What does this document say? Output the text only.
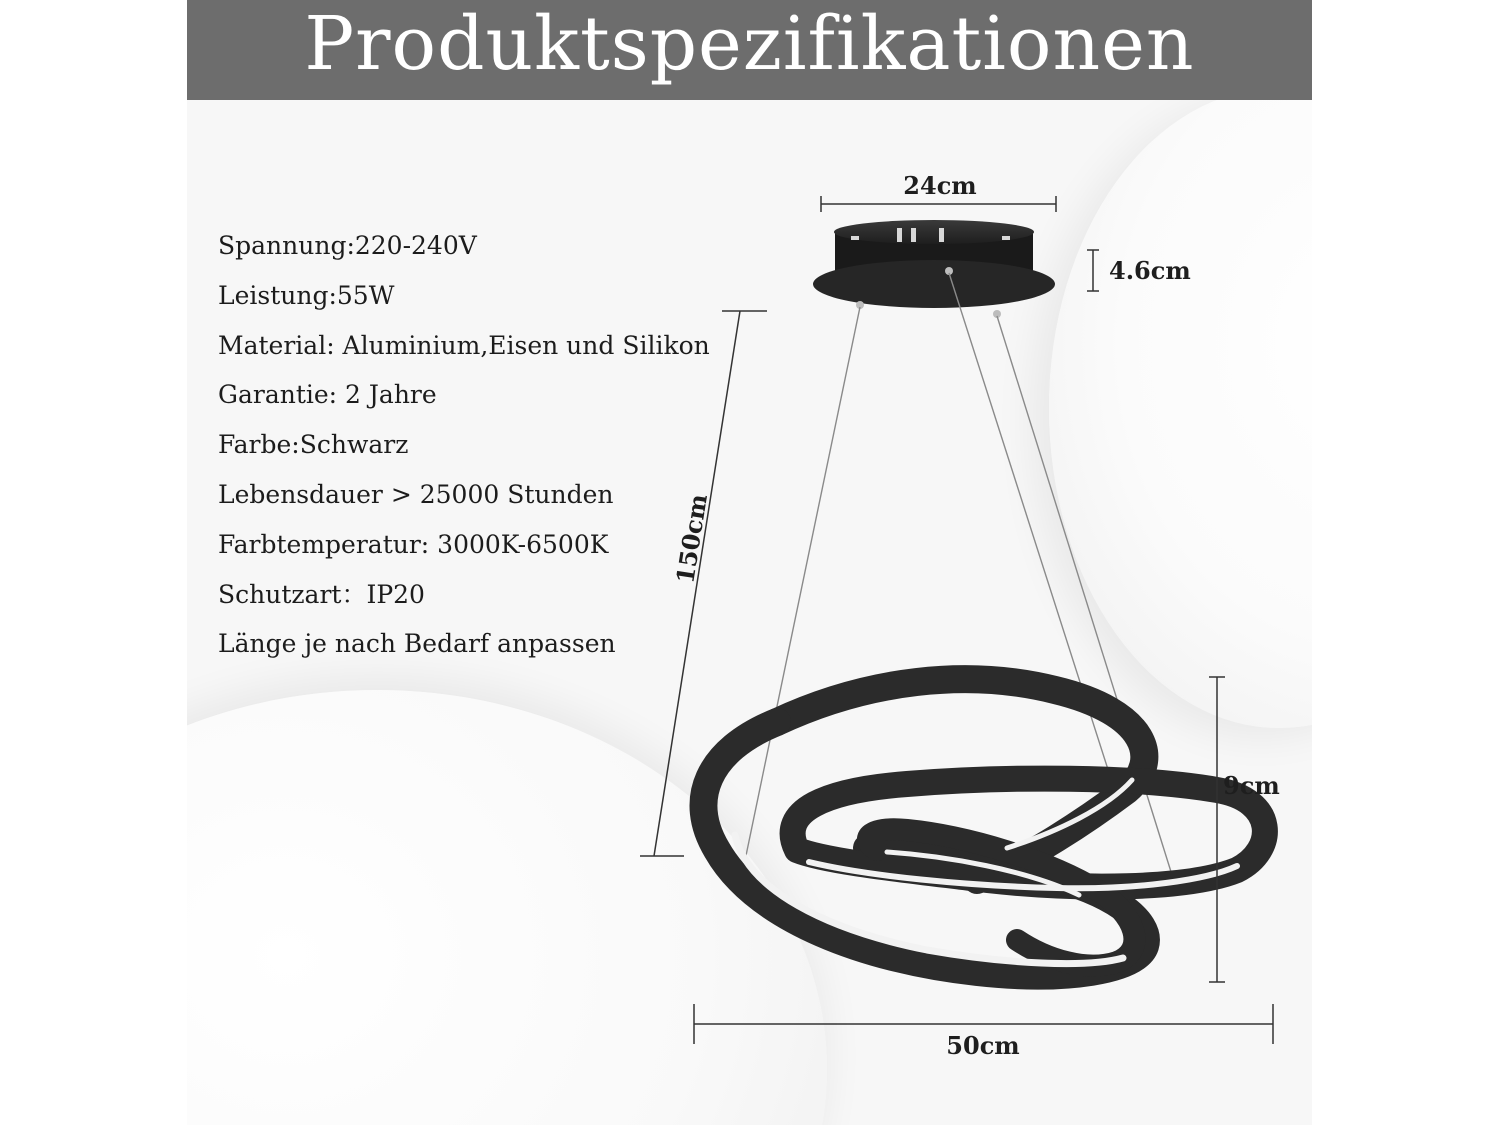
Produktspezifikationen
Spannung:220-240V
Leistung:55W
Material: Aluminium,Eisen und Silikon
Garantie: 2 Jahre
Farbe:Schwarz
Lebensdauer > 25000 Stunden
Farbtemperatur: 3000K-6500K
Schutzart：IP20
Länge je nach Bedarf anpassen
24cm
4.6cm
150cm
9cm
50cm
